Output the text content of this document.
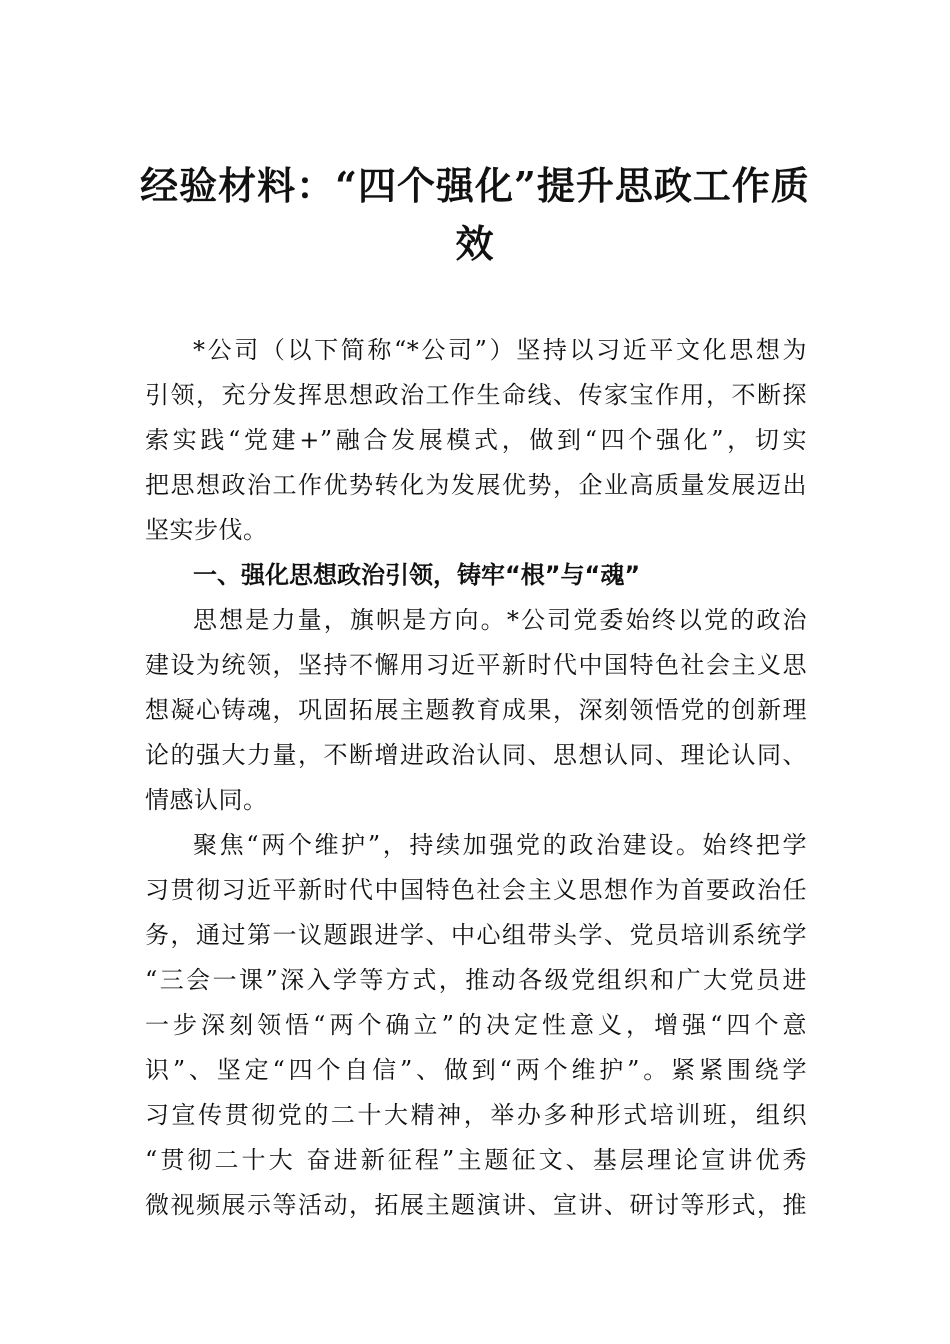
经验材料：“四个强化”提升思政工作质
效
*公司（以下简称“*公司”）坚持以习近平文化思想为
引领，充分发挥思想政治工作生命线、传家宝作用，不断探
索实践“党建+”融合发展模式，做到“四个强化”，切实
把思想政治工作优势转化为发展优势，企业高质量发展迈出
坚实步伐。
一、强化思想政治引领，铸牢“根”与“魂”
思想是力量，旗帜是方向。*公司党委始终以党的政治
建设为统领，坚持不懈用习近平新时代中国特色社会主义思
想凝心铸魂，巩固拓展主题教育成果，深刻领悟党的创新理
论的强大力量，不断增进政治认同、思想认同、理论认同、
情感认同。
聚焦“两个维护”，持续加强党的政治建设。始终把学
习贯彻习近平新时代中国特色社会主义思想作为首要政治任
务，通过第一议题跟进学、中心组带头学、党员培训系统学
“三会一课”深入学等方式，推动各级党组织和广大党员进
一步深刻领悟“两个确立”的决定性意义，增强“四个意
识”、坚定“四个自信”、做到“两个维护”。紧紧围绕学
习宣传贯彻党的二十大精神，举办多种形式培训班，组织
“贯彻二十大 奋进新征程”主题征文、基层理论宣讲优秀
微视频展示等活动，拓展主题演讲、宣讲、研讨等形式，推
